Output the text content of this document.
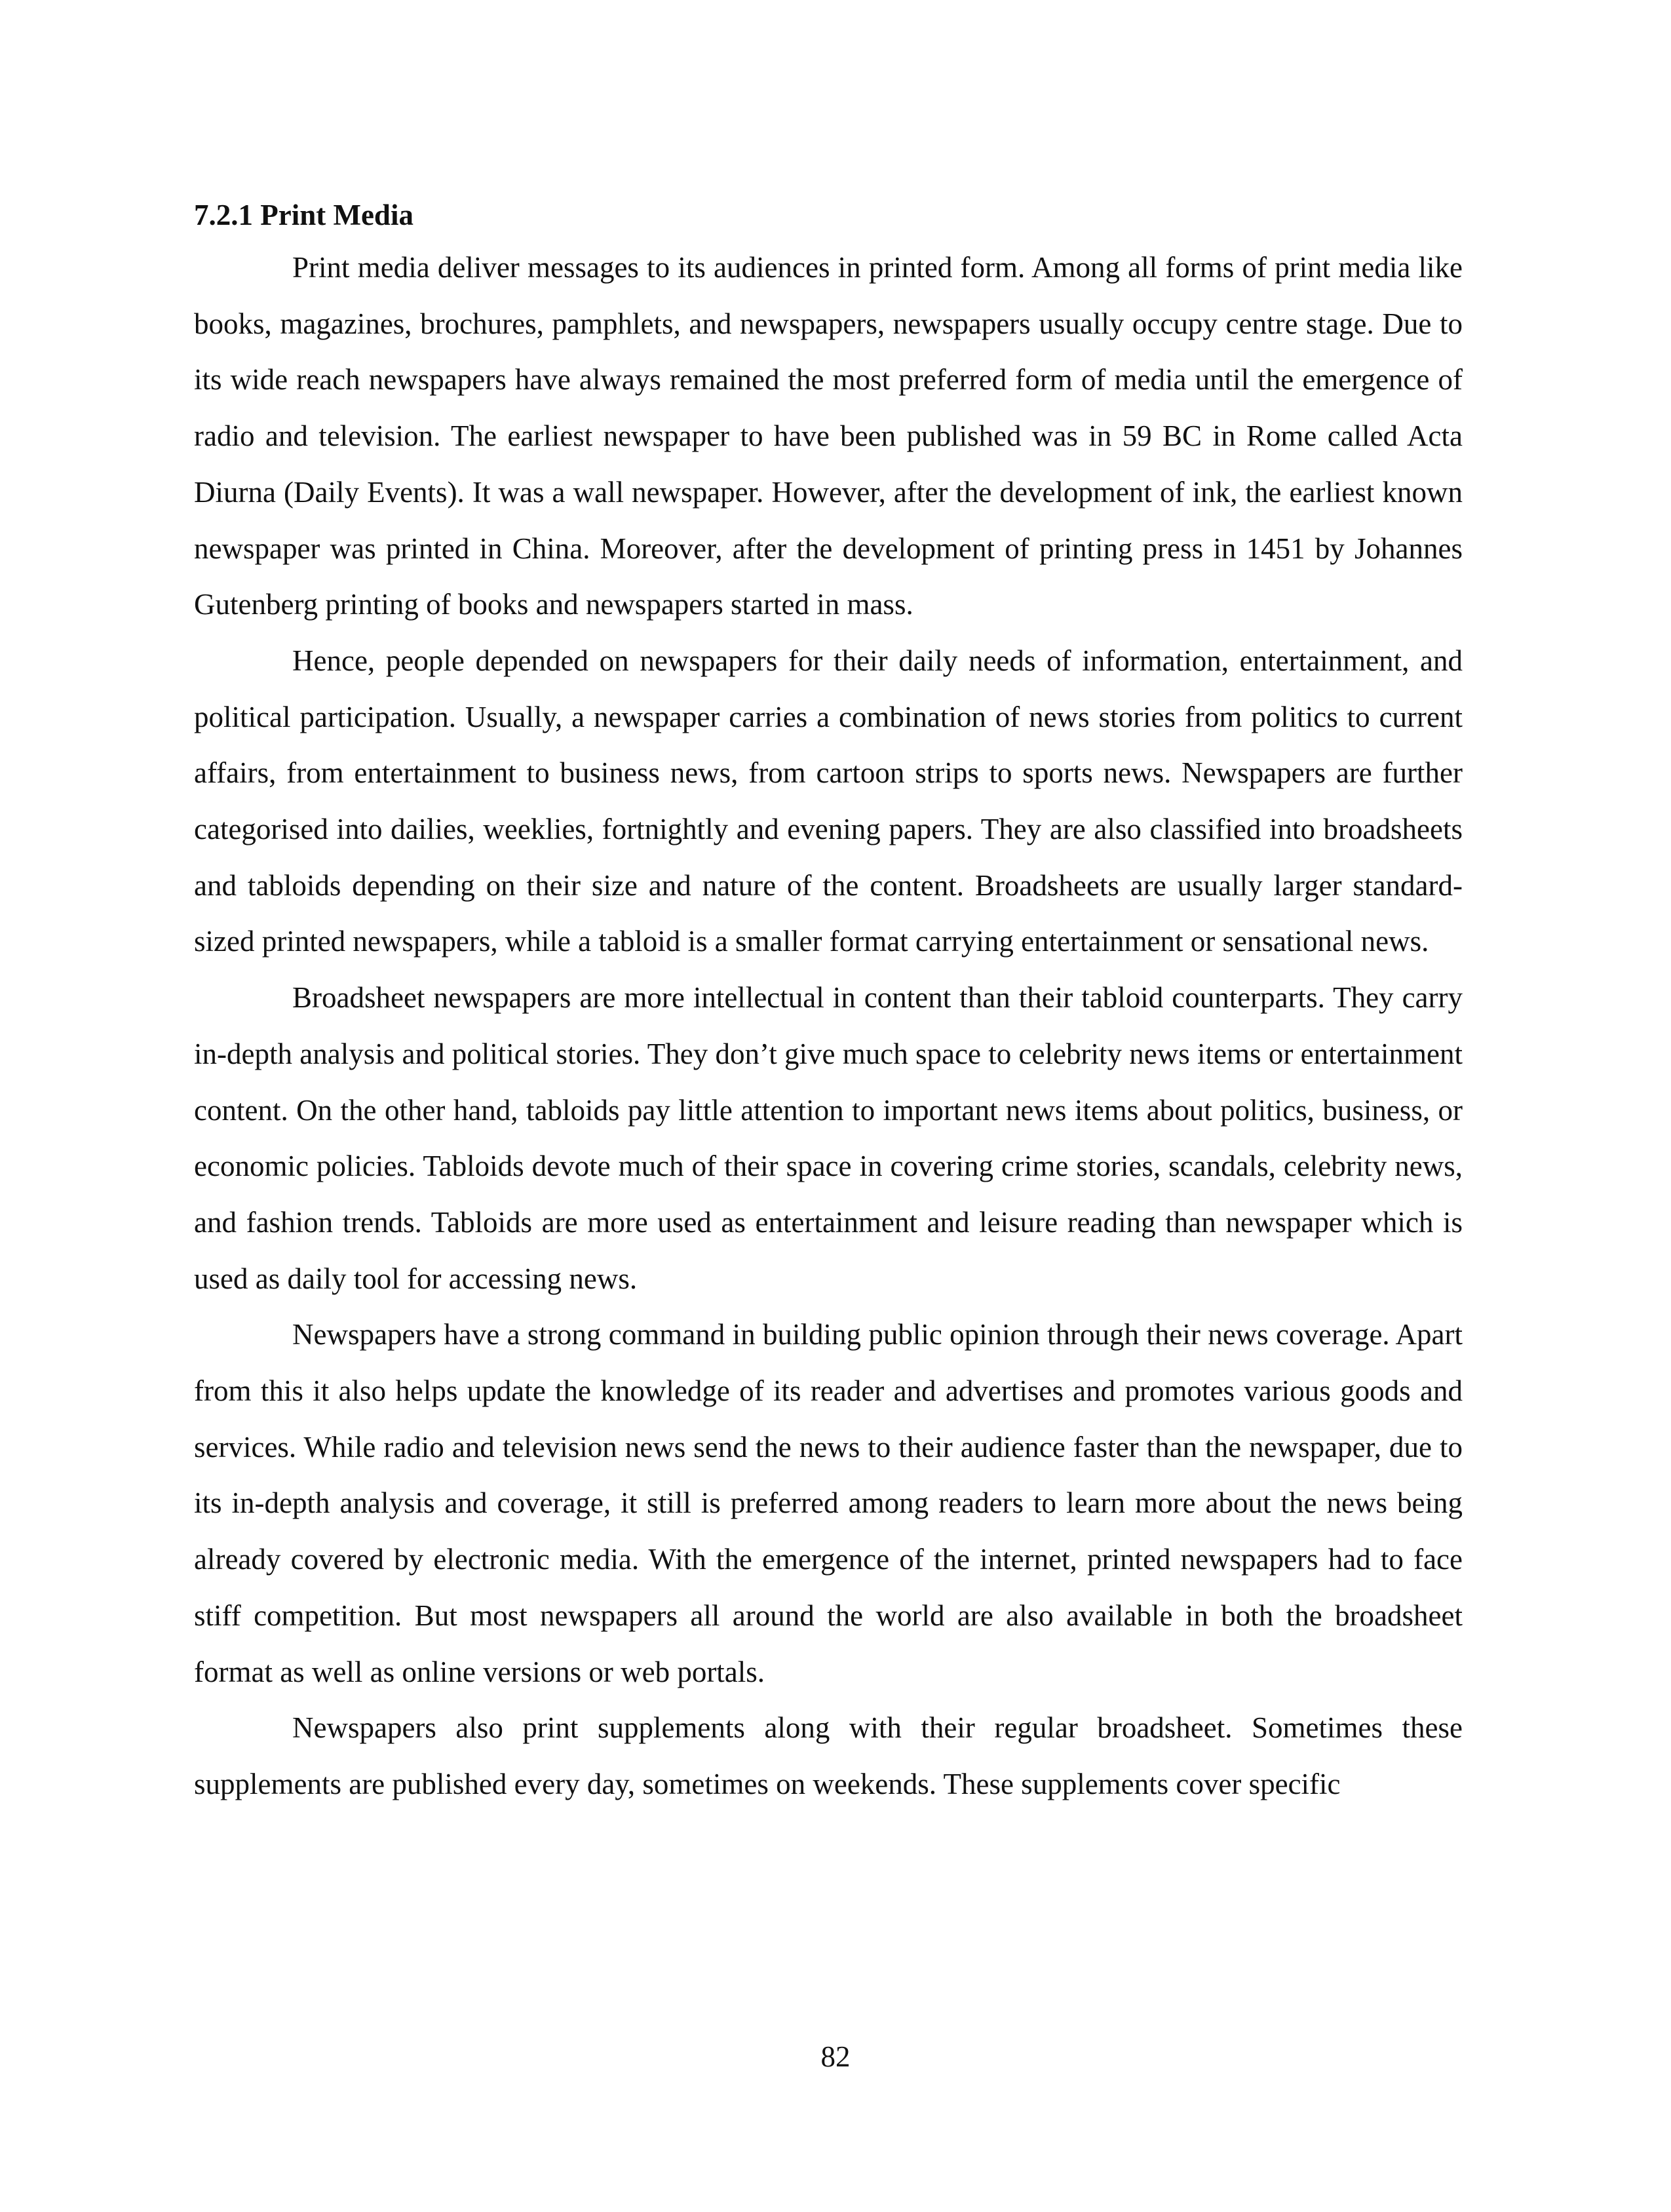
7.2.1 Print Media

Print media deliver messages to its audiences in printed form. Among all forms of print media like books, magazines, brochures, pamphlets, and newspapers, newspapers usually occupy centre stage. Due to its wide reach newspapers have always remained the most preferred form of media until the emergence of radio and television. The earliest newspaper to have been published was in 59 BC in Rome called Acta Diurna (Daily Events). It was a wall newspaper. However, after the development of ink, the earliest known newspaper was printed in China. Moreover, after the development of printing press in 1451 by Johannes Gutenberg printing of books and newspapers started in mass.

Hence, people depended on newspapers for their daily needs of information, entertainment, and political participation. Usually, a newspaper carries a combination of news stories from politics to current affairs, from entertainment to business news, from cartoon strips to sports news. Newspapers are further categorised into dailies, weeklies, fortnightly and evening papers. They are also classified into broadsheets and tabloids depending on their size and nature of the content. Broadsheets are usually larger standard-sized printed newspapers, while a tabloid is a smaller format carrying entertainment or sensational news.

Broadsheet newspapers are more intellectual in content than their tabloid counterparts. They carry in-depth analysis and political stories. They don’t give much space to celebrity news items or entertainment content. On the other hand, tabloids pay little attention to important news items about politics, business, or economic policies. Tabloids devote much of their space in covering crime stories, scandals, celebrity news, and fashion trends. Tabloids are more used as entertainment and leisure reading than newspaper which is used as daily tool for accessing news.

Newspapers have a strong command in building public opinion through their news coverage. Apart from this it also helps update the knowledge of its reader and advertises and promotes various goods and services. While radio and television news send the news to their audience faster than the newspaper, due to its in-depth analysis and coverage, it still is preferred among readers to learn more about the news being already covered by electronic media. With the emergence of the internet, printed newspapers had to face stiff competition. But most newspapers all around the world are also available in both the broadsheet format as well as online versions or web portals.

Newspapers also print supplements along with their regular broadsheet. Sometimes these supplements are published every day, sometimes on weekends. These supplements cover specific

82
